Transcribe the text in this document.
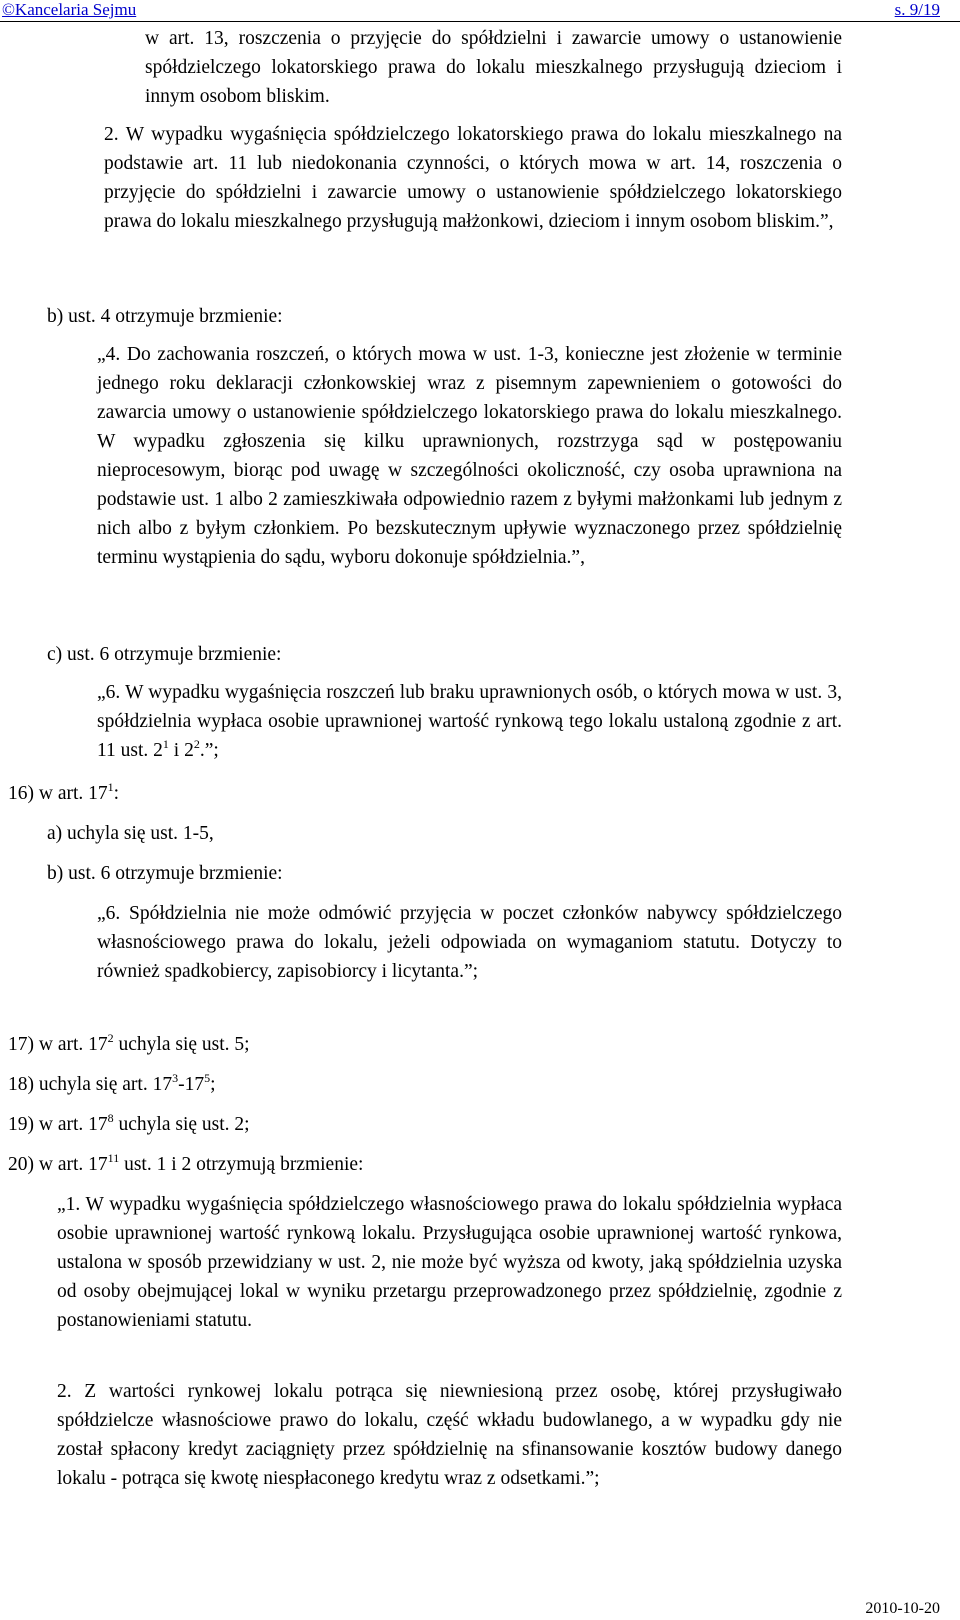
©Kancelaria Sejmu	s. 9/19
w art. 13, roszczenia o przyjęcie do spółdzielni i zawarcie umowy o ustanowienie spółdzielczego lokatorskiego prawa do lokalu mieszkalnego przysługują dzieciom i innym osobom bliskim.
2. W wypadku wygaśnięcia spółdzielczego lokatorskiego prawa do lokalu mieszkalnego na podstawie art. 11 lub niedokonania czynności, o których mowa w art. 14, roszczenia o przyjęcie do spółdzielni i zawarcie umowy o ustanowienie spółdzielczego lokatorskiego prawa do lokalu mieszkalnego przysługują małżonkowi, dzieciom i innym osobom bliskim.”,
b) ust. 4 otrzymuje brzmienie:
„4. Do zachowania roszczeń, o których mowa w ust. 1-3, konieczne jest złożenie w terminie jednego roku deklaracji członkowskiej wraz z pisemnym zapewnieniem o gotowości do zawarcia umowy o ustanowienie spółdzielczego lokatorskiego prawa do lokalu mieszkalnego. W wypadku zgłoszenia się kilku uprawnionych, rozstrzyga sąd w postępowaniu nieprocesowym, biorąc pod uwagę w szczególności okoliczność, czy osoba uprawniona na podstawie ust. 1 albo 2 zamieszkiwała odpowiednio razem z byłymi małżonkami lub jednym z nich albo z byłym członkiem. Po bezskutecznym upływie wyznaczonego przez spółdzielnię terminu wystąpienia do sądu, wyboru dokonuje spółdzielnia.”,
c) ust. 6 otrzymuje brzmienie:
„6. W wypadku wygaśnięcia roszczeń lub braku uprawnionych osób, o których mowa w ust. 3, spółdzielnia wypłaca osobie uprawnionej wartość rynkową tego lokalu ustaloną zgodnie z art. 11 ust. $2^1$ i $2^2$.”;
16) w art. $17^1$:
a) uchyla się ust. 1-5,
b) ust. 6 otrzymuje brzmienie:
„6. Spółdzielnia nie może odmówić przyjęcia w poczet członków nabywcy spółdzielczego własnościowego prawa do lokalu, jeżeli odpowiada on wymaganiom statutu. Dotyczy to również spadkobiercy, zapisobiorcy i licytanta.”;
17) w art. $17^2$ uchyla się ust. 5;
18) uchyla się art. $17^3-17^5$;
19) w art. $17^8$ uchyla się ust. 2;
20) w art. $17^{11}$ ust. 1 i 2 otrzymują brzmienie:
„1. W wypadku wygaśnięcia spółdzielczego własnościowego prawa do lokalu spółdzielnia wypłaca osobie uprawnionej wartość rynkową lokalu. Przysługująca osobie uprawnionej wartość rynkowa, ustalona w sposób przewidziany w ust. 2, nie może być wyższa od kwoty, jaką spółdzielnia uzyska od osoby obejmującej lokal w wyniku przetargu przeprowadzonego przez spółdzielnię, zgodnie z postanowieniami statutu.
2. Z wartości rynkowej lokalu potrąca się niewniesioną przez osobę, której przysługiwało spółdzielcze własnościowe prawo do lokalu, część wkładu budowlanego, a w wypadku gdy nie został spłacony kredyt zaciągnięty przez spółdzielnię na sfinansowanie kosztów budowy danego lokalu - potrąca się kwotę niespłaconego kredytu wraz z odsetkami.”;
2010-10-20
